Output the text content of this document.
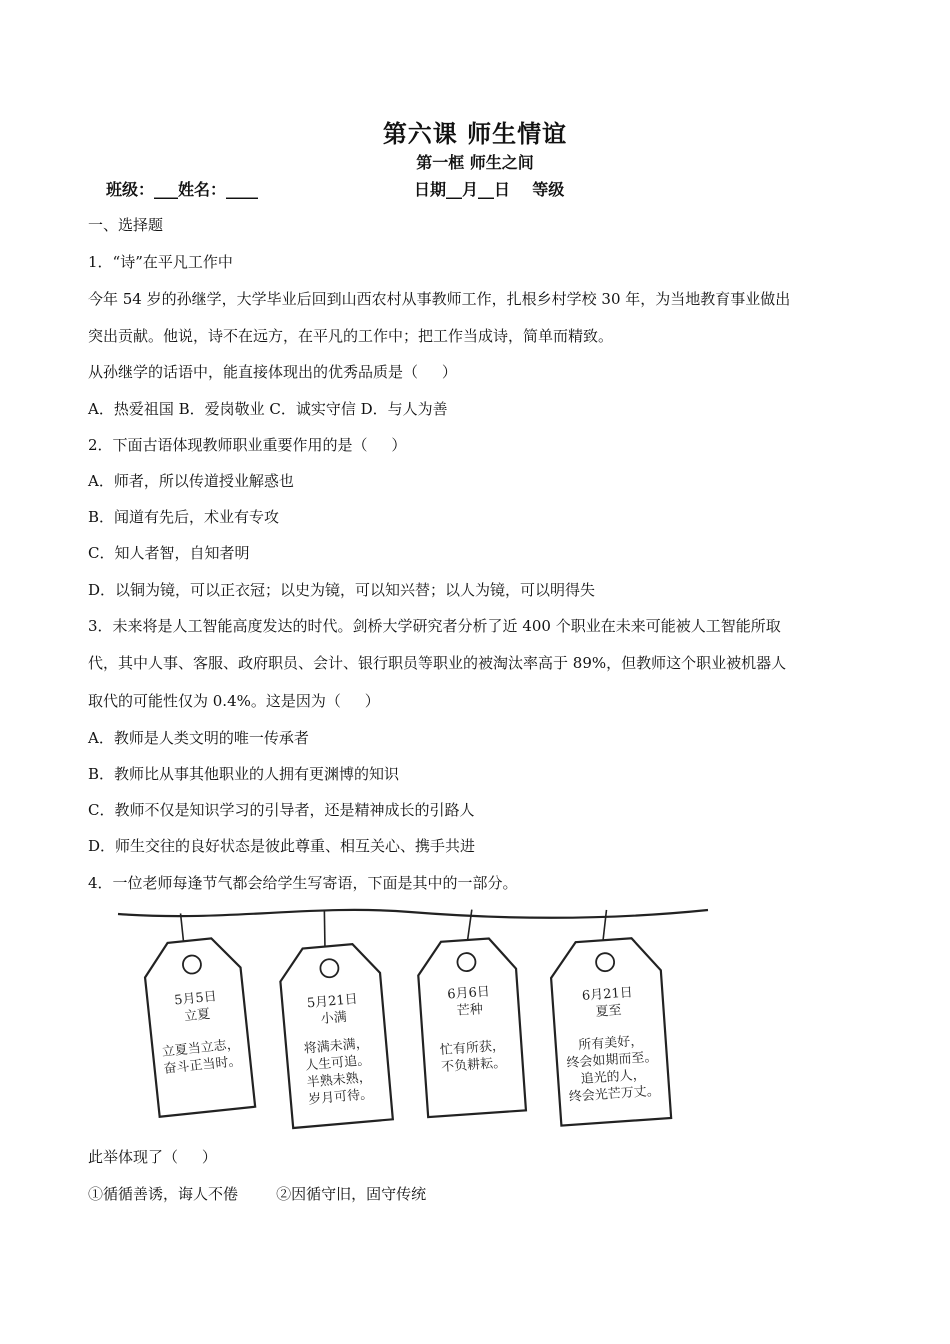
第六课 师生情谊
第一框 师生之间
班级：___姓名：____	日期__月__日    等级
一、选择题
1．“诗”在平凡工作中
今年 54 岁的孙继学，大学毕业后回到山西农村从事教师工作，扎根乡村学校 30 年，为当地教育事业做出
突出贡献。他说，诗不在远方，在平凡的工作中；把工作当成诗，简单而精致。
从孙继学的话语中，能直接体现出的优秀品质是（     ）
A．热爱祖国 B．爱岗敬业 C．诚实守信 D．与人为善
2．下面古语体现教师职业重要作用的是（     ）
A．师者，所以传道授业解惑也
B．闻道有先后，术业有专攻
C．知人者智，自知者明
D．以铜为镜，可以正衣冠；以史为镜，可以知兴替；以人为镜，可以明得失
3．未来将是人工智能高度发达的时代。剑桥大学研究者分析了近 400 个职业在未来可能被人工智能所取
代，其中人事、客服、政府职员、会计、银行职员等职业的被淘汰率高于 89%，但教师这个职业被机器人
取代的可能性仅为 0.4%。这是因为（     ）
A．教师是人类文明的唯一传承者
B．教师比从事其他职业的人拥有更渊博的知识
C．教师不仅是知识学习的引导者，还是精神成长的引路人
D．师生交往的良好状态是彼此尊重、相互关心、携手共进
4．一位老师每逢节气都会给学生写寄语，下面是其中的一部分。
5月5日
立夏
立夏当立志，
奋斗正当时。
5月21日
小满
将满未满，
人生可追。
半熟未熟，
岁月可待。
6月6日
芒种
忙有所获，
不负耕耘。
6月21日
夏至
所有美好，
终会如期而至。
追光的人，
终会光芒万丈。
此举体现了（     ）
①循循善诱，诲人不倦        ②因循守旧，固守传统
